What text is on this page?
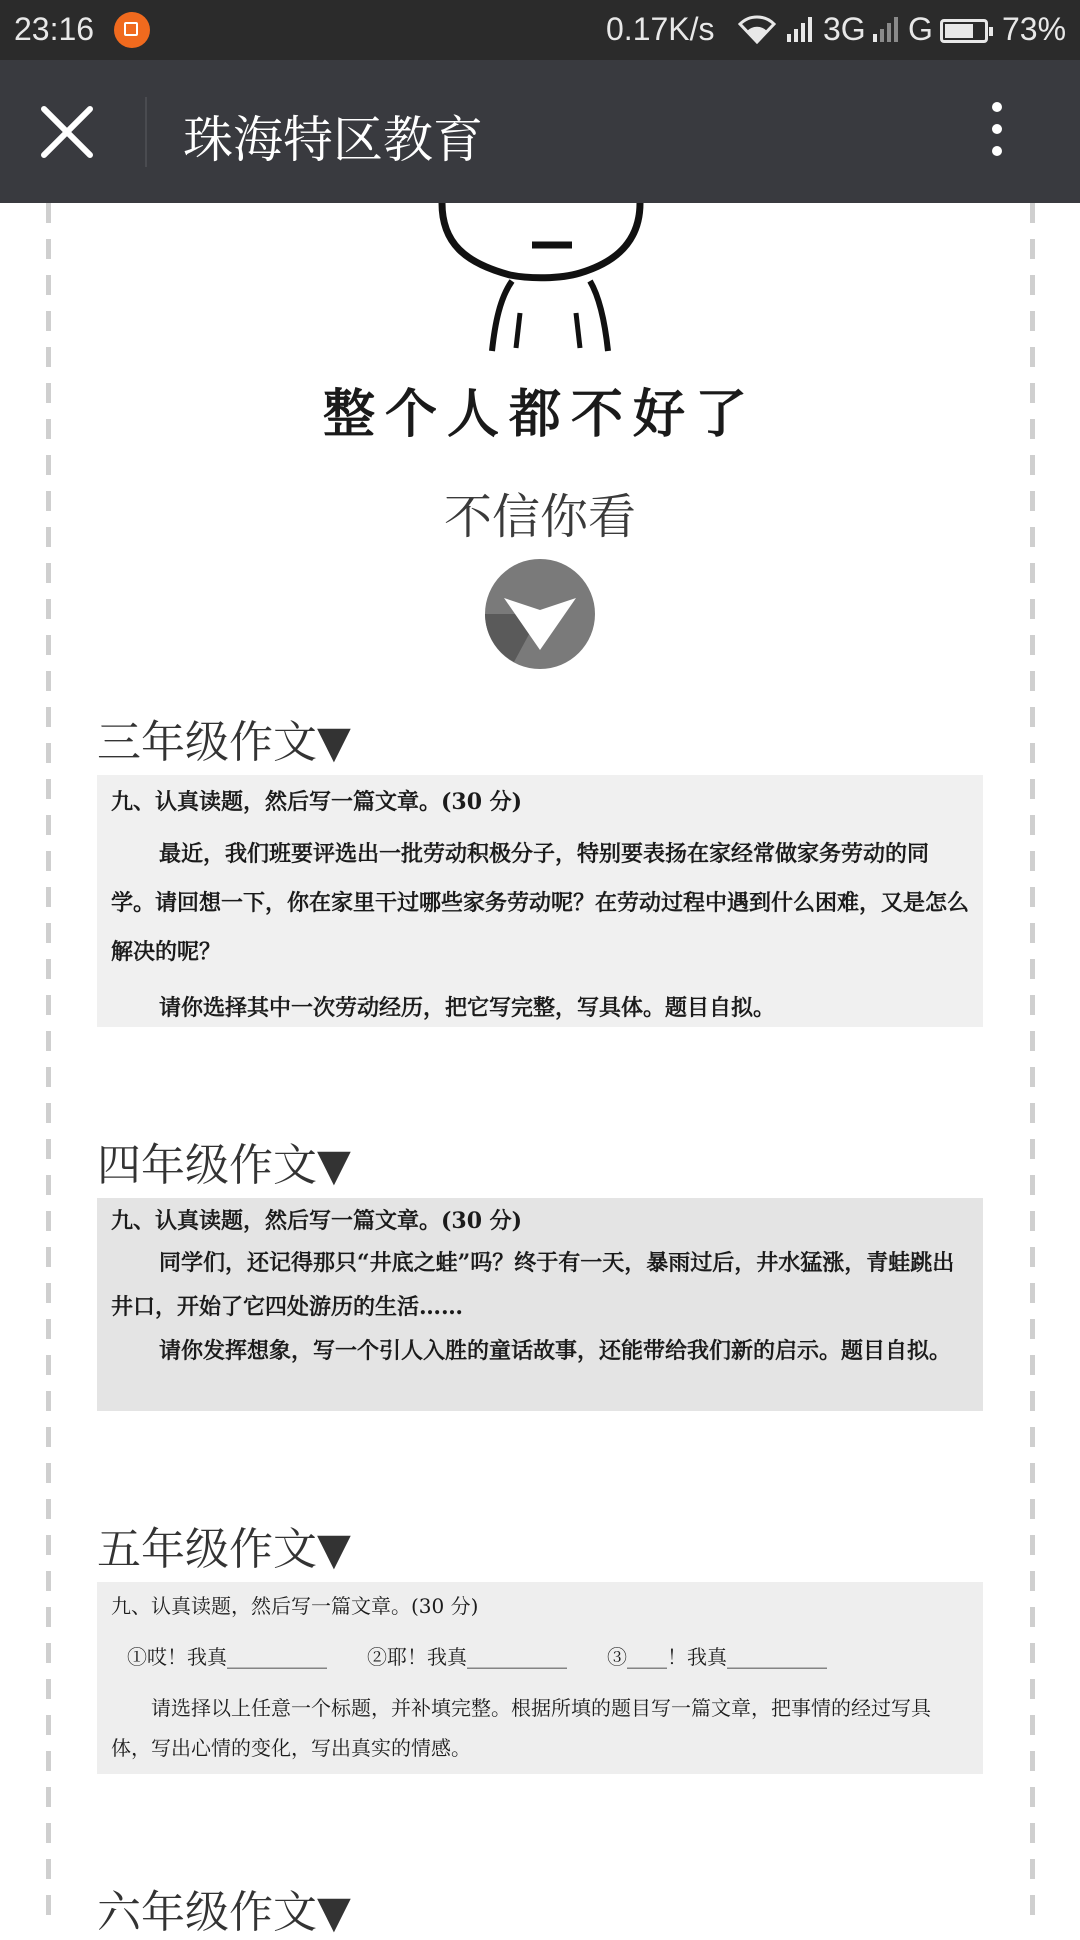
23:16	0.17K/s	3G G 73%
珠海特区教育
整个人都不好了
不信你看
三年级作文▼

九、认真读题，然后写一篇文章。(30 分)

最近，我们班要评选出一批劳动积极分子，特别要表扬在家经常做家务劳动的同学。请回想一下，你在家里干过哪些家务劳动呢？在劳动过程中遇到什么困难，又是怎么解决的呢？

请你选择其中一次劳动经历，把它写完整，写具体。题目自拟。

四年级作文▼

九、认真读题，然后写一篇文章。(30 分)

同学们，还记得那只“井底之蛙”吗？终于有一天，暴雨过后，井水猛涨，青蛙跳出井口，开始了它四处游历的生活……

请你发挥想象，写一个引人入胜的童话故事，还能带给我们新的启示。题目自拟。

五年级作文▼

九、认真读题，然后写一篇文章。(30 分)

①哎！我真__________　　②耶！我真__________　　③____！我真__________

请选择以上任意一个标题，并补填完整。根据所填的题目写一篇文章，把事情的经过写具体，写出心情的变化，写出真实的情感。

六年级作文▼
